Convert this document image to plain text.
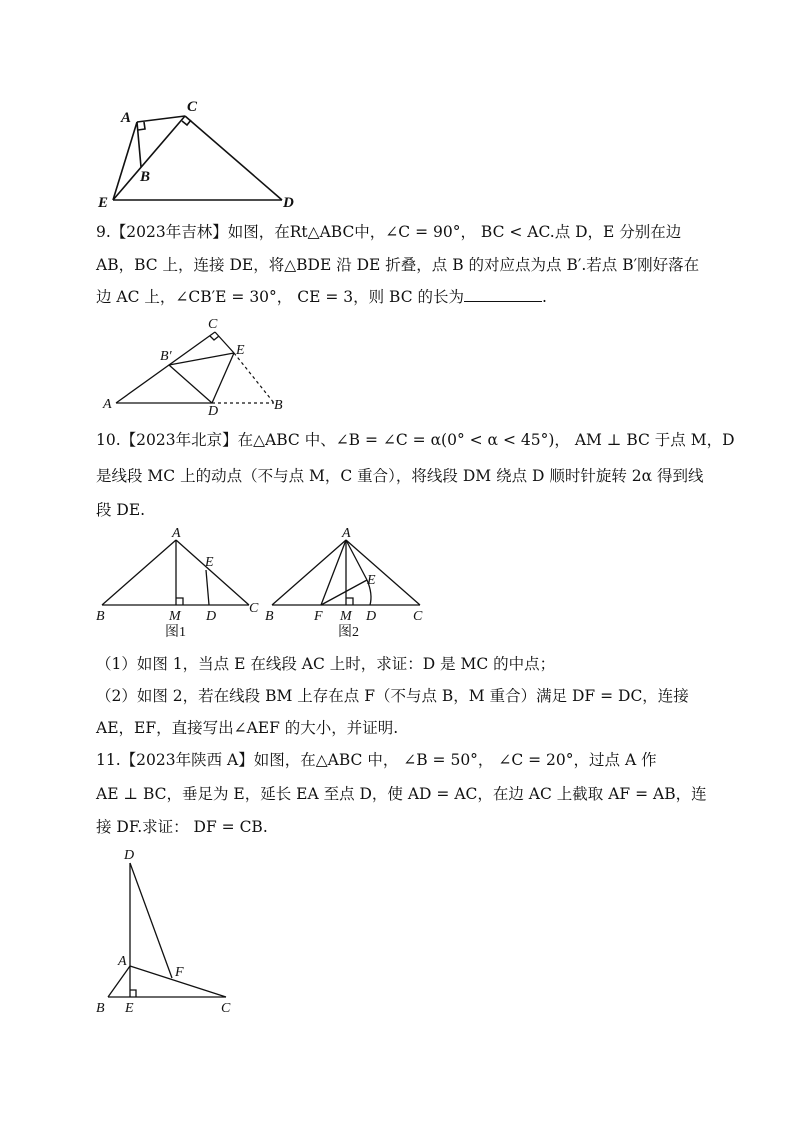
A
C
B
E	D
9.【2023年吉林】如图，在Rt△ABC中，∠C = 90°， BC < AC.点 D，E 分别在边
AB，BC 上，连接 DE，将△BDE 沿 DE 折叠，点 B 的对应点为点 B′.若点 B′刚好落在
边 AC 上，∠CB′E = 30°， CE = 3，则 BC 的长为	.
C
E
B′
A	D	B
10.【2023年北京】在△ABC 中、∠B = ∠C = α(0° < α < 45°)， AM ⊥ BC 于点 M，D
是线段 MC 上的动点（不与点 M，C 重合），将线段 DM 绕点 D 顺时针旋转 2α 得到线
段 DE.
A
E
B	M D
C
图1
A
E
B	F M D	C
图2
（1）如图 1，当点 E 在线段 AC 上时，求证：D 是 MC 的中点；
（2）如图 2，若在线段 BM 上存在点 F（不与点 B，M 重合）满足 DF = DC，连接
AE，EF，直接写出∠AEF 的大小，并证明.
11.【2023年陕西 A】如图，在△ABC 中， ∠B = 50°， ∠C = 20°，过点 A 作
AE ⊥ BC，垂足为 E，延长 EA 至点 D，使 AD = AC，在边 AC 上截取 AF = AB，连
接 DF.求证： DF = CB.
D
A
F
B E	C
